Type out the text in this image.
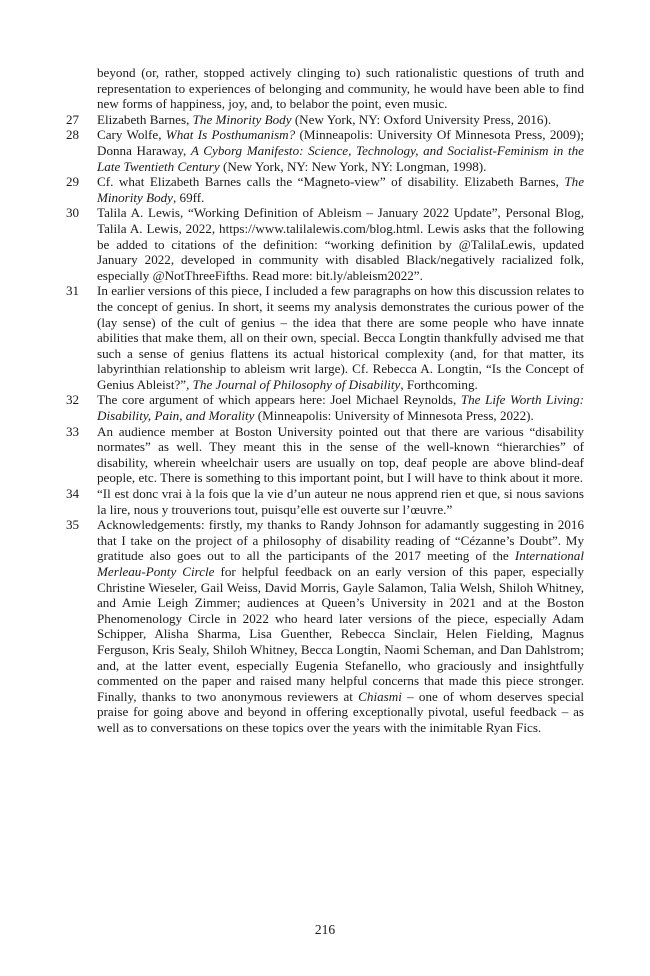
beyond (or, rather, stopped actively clinging to) such rationalistic questions of truth and representation to experiences of belonging and community, he would have been able to find new forms of happiness, joy, and, to belabor the point, even music.
27	Elizabeth Barnes, The Minority Body (New York, NY: Oxford University Press, 2016).
28	Cary Wolfe, What Is Posthumanism? (Minneapolis: University Of Minnesota Press, 2009); Donna Haraway, A Cyborg Manifesto: Science, Technology, and Socialist-Feminism in the Late Twentieth Century (New York, NY: New York, NY: Longman, 1998).
29	Cf. what Elizabeth Barnes calls the “Magneto-view” of disability. Elizabeth Barnes, The Minority Body, 69ff.
30	Talila A. Lewis, “Working Definition of Ableism – January 2022 Update”, Personal Blog, Talila A. Lewis, 2022, https://www.talilalewis.com/blog.html. Lewis asks that the following be added to citations of the definition: “working definition by @TalilaLewis, updated January 2022, developed in community with disabled Black/negatively racialized folk, especially @NotThreeFifths. Read more: bit.ly/ableism2022”.
31	In earlier versions of this piece, I included a few paragraphs on how this discussion relates to the concept of genius. In short, it seems my analysis demonstrates the curious power of the (lay sense) of the cult of genius – the idea that there are some people who have innate abilities that make them, all on their own, special. Becca Longtin thankfully advised me that such a sense of genius flattens its actual historical complexity (and, for that matter, its labyrinthian relationship to ableism writ large). Cf. Rebecca A. Longtin, “Is the Concept of Genius Ableist?”, The Journal of Philosophy of Disability, Forthcoming.
32	The core argument of which appears here: Joel Michael Reynolds, The Life Worth Living: Disability, Pain, and Morality (Minneapolis: University of Minnesota Press, 2022).
33	An audience member at Boston University pointed out that there are various “disability normates” as well. They meant this in the sense of the well-known “hierarchies” of disability, wherein wheelchair users are usually on top, deaf people are above blind-deaf people, etc. There is something to this important point, but I will have to think about it more.
34	“Il est donc vrai à la fois que la vie d’un auteur ne nous apprend rien et que, si nous savions la lire, nous y trouverions tout, puisqu’elle est ouverte sur l’œuvre.”
35	Acknowledgements: firstly, my thanks to Randy Johnson for adamantly suggesting in 2016 that I take on the project of a philosophy of disability reading of “Cézanne’s Doubt”. My gratitude also goes out to all the participants of the 2017 meeting of the International Merleau-Ponty Circle for helpful feedback on an early version of this paper, especially Christine Wieseler, Gail Weiss, David Morris, Gayle Salamon, Talia Welsh, Shiloh Whitney, and Amie Leigh Zimmer; audiences at Queen’s University in 2021 and at the Boston Phenomenology Circle in 2022 who heard later versions of the piece, especially Adam Schipper, Alisha Sharma, Lisa Guenther, Rebecca Sinclair, Helen Fielding, Magnus Ferguson, Kris Sealy, Shiloh Whitney, Becca Longtin, Naomi Scheman, and Dan Dahlstrom; and, at the latter event, especially Eugenia Stefanello, who graciously and insightfully commented on the paper and raised many helpful concerns that made this piece stronger. Finally, thanks to two anonymous reviewers at Chiasmi – one of whom deserves special praise for going above and beyond in offering exceptionally pivotal, useful feedback – as well as to conversations on these topics over the years with the inimitable Ryan Fics.
216
